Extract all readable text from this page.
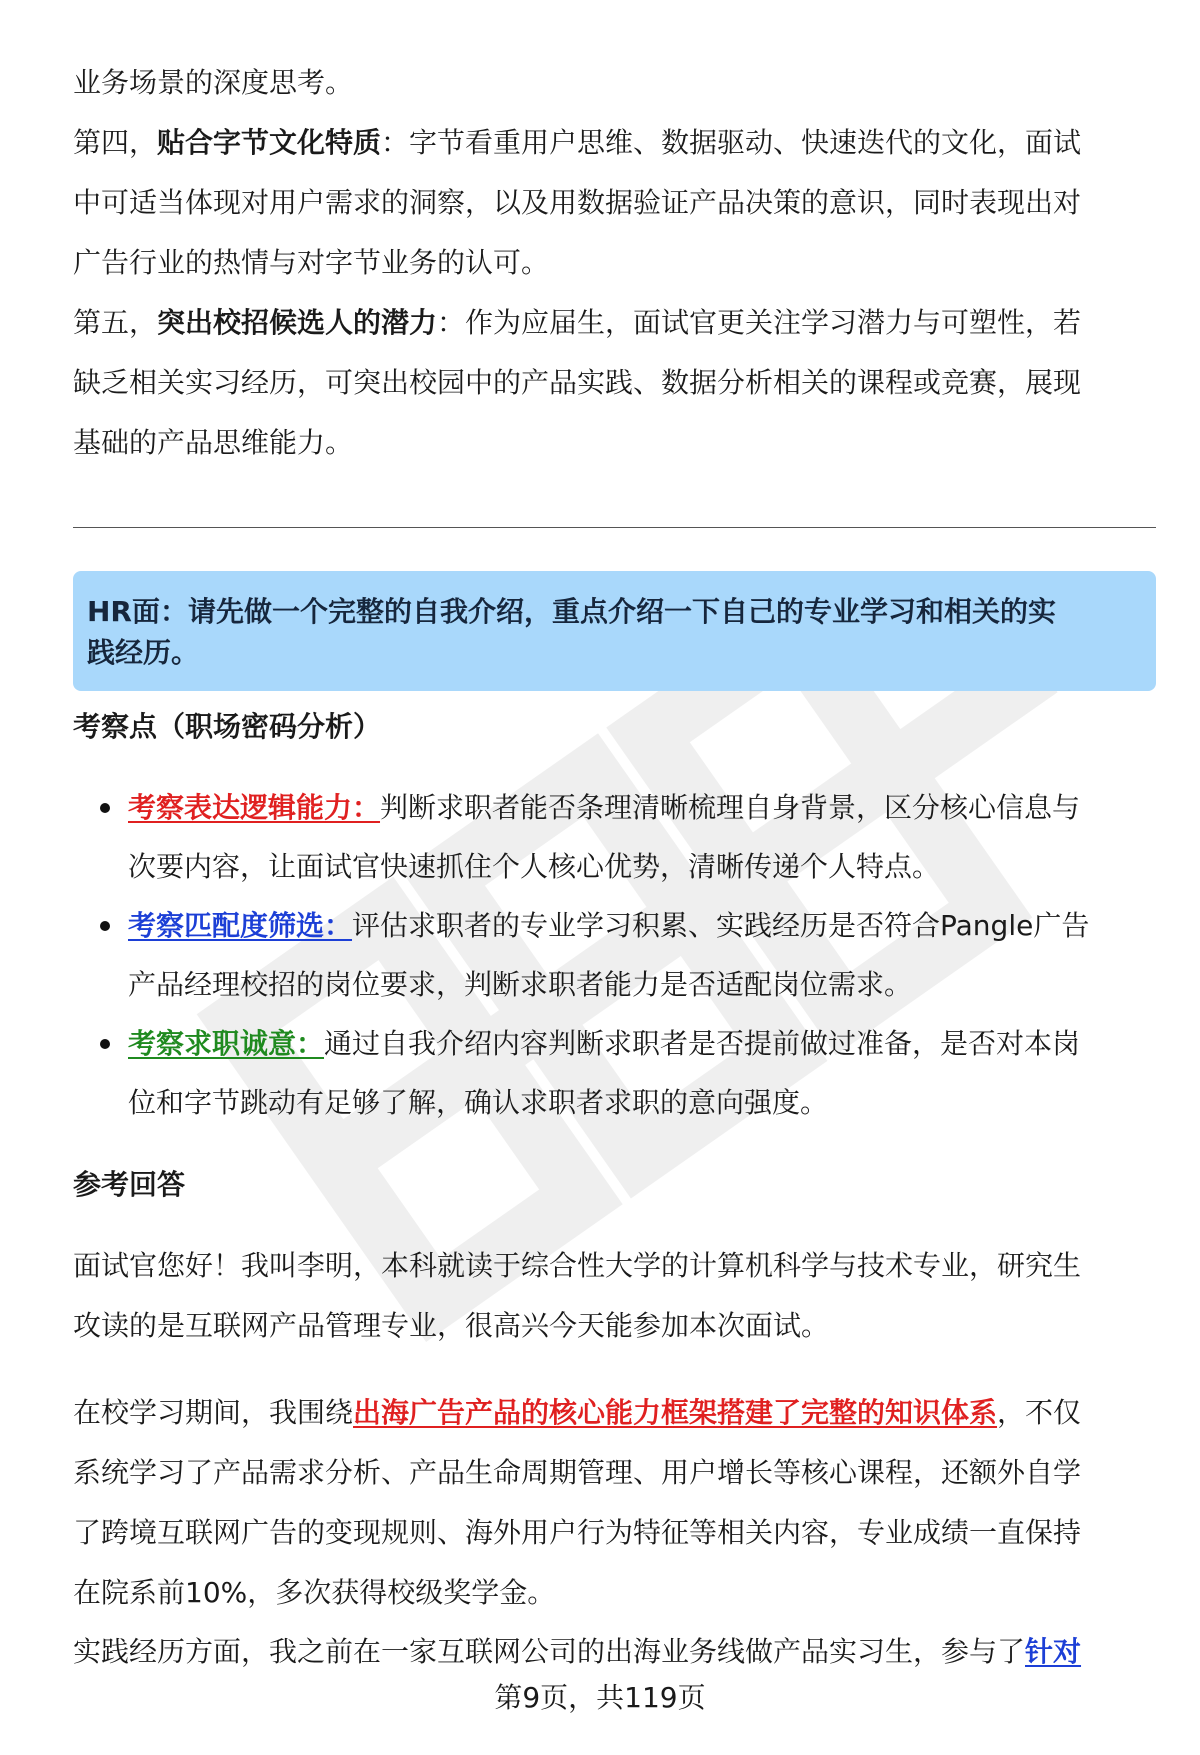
业务场景的深度思考。

第四，贴合字节文化特质：字节看重用户思维、数据驱动、快速迭代的文化，面试

中可适当体现对用户需求的洞察，以及用数据验证产品决策的意识，同时表现出对

广告行业的热情与对字节业务的认可。

第五，突出校招候选人的潜力：作为应届生，面试官更关注学习潜力与可塑性，若

缺乏相关实习经历，可突出校园中的产品实践、数据分析相关的课程或竞赛，展现

基础的产品思维能力。

HR面：请先做一个完整的自我介绍，重点介绍一下自己的专业学习和相关的实

践经历。

考察点（职场密码分析）

考察表达逻辑能力：判断求职者能否条理清晰梳理自身背景，区分核心信息与
次要内容，让面试官快速抓住个人核心优势，清晰传递个人特点。
考察匹配度筛选：评估求职者的专业学习积累、实践经历是否符合Pangle广告
产品经理校招的岗位要求，判断求职者能力是否适配岗位需求。
考察求职诚意：通过自我介绍内容判断求职者是否提前做过准备，是否对本岗
位和字节跳动有足够了解，确认求职者求职的意向强度。

参考回答

面试官您好！我叫李明，本科就读于综合性大学的计算机科学与技术专业，研究生

攻读的是互联网产品管理专业，很高兴今天能参加本次面试。

在校学习期间，我围绕出海广告产品的核心能力框架搭建了完整的知识体系，不仅

系统学习了产品需求分析、产品生命周期管理、用户增长等核心课程，还额外自学

了跨境互联网广告的变现规则、海外用户行为特征等相关内容，专业成绩一直保持

在院系前10%，多次获得校级奖学金。

实践经历方面，我之前在一家互联网公司的出海业务线做产品实习生，参与了针对

第9页，共119页
